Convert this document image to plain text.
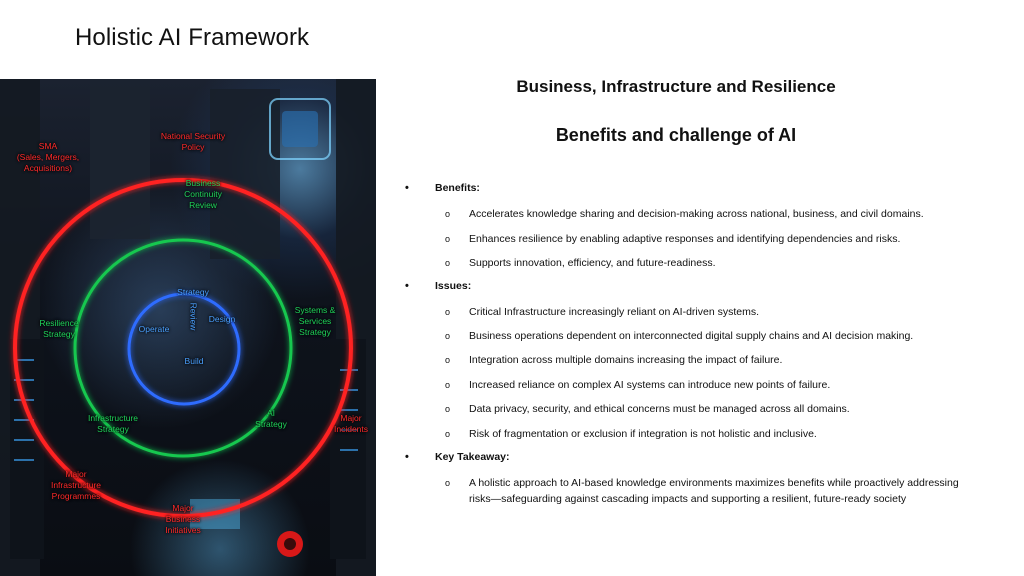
Holistic AI Framework
SMA
(Sales, Mergers,
Acquisitions)
National Security
Policy
Major
Incidents
Major
Infrastructure
Programmes
Major
Business
Initiatives
Business
Continuity
Review
Resilience
Strategy
Systems &
Services
Strategy
Infrastructure
Strategy
AI
Strategy
Strategy
Review	Design
Operate
Build
Business, Infrastructure and Resilience
Benefits and challenge of AI
• Benefits:
o Accelerates knowledge sharing and decision-making across national, business, and civil domains.
o Enhances resilience by enabling adaptive responses and identifying dependencies and risks.
o Supports innovation, efficiency, and future-readiness.
• Issues:
o Critical Infrastructure increasingly reliant on AI-driven systems.
o Business operations dependent on interconnected digital supply chains and AI decision making.
o Integration across multiple domains increasing the impact of failure.
o Increased reliance on complex AI systems can introduce new points of failure.
o Data privacy, security, and ethical concerns must be managed across all domains.
o Risk of fragmentation or exclusion if integration is not holistic and inclusive.
• Key Takeaway:
o A holistic approach to AI-based knowledge environments maximizes benefits while proactively addressing risks—safeguarding against cascading impacts and supporting a resilient, future-ready society
